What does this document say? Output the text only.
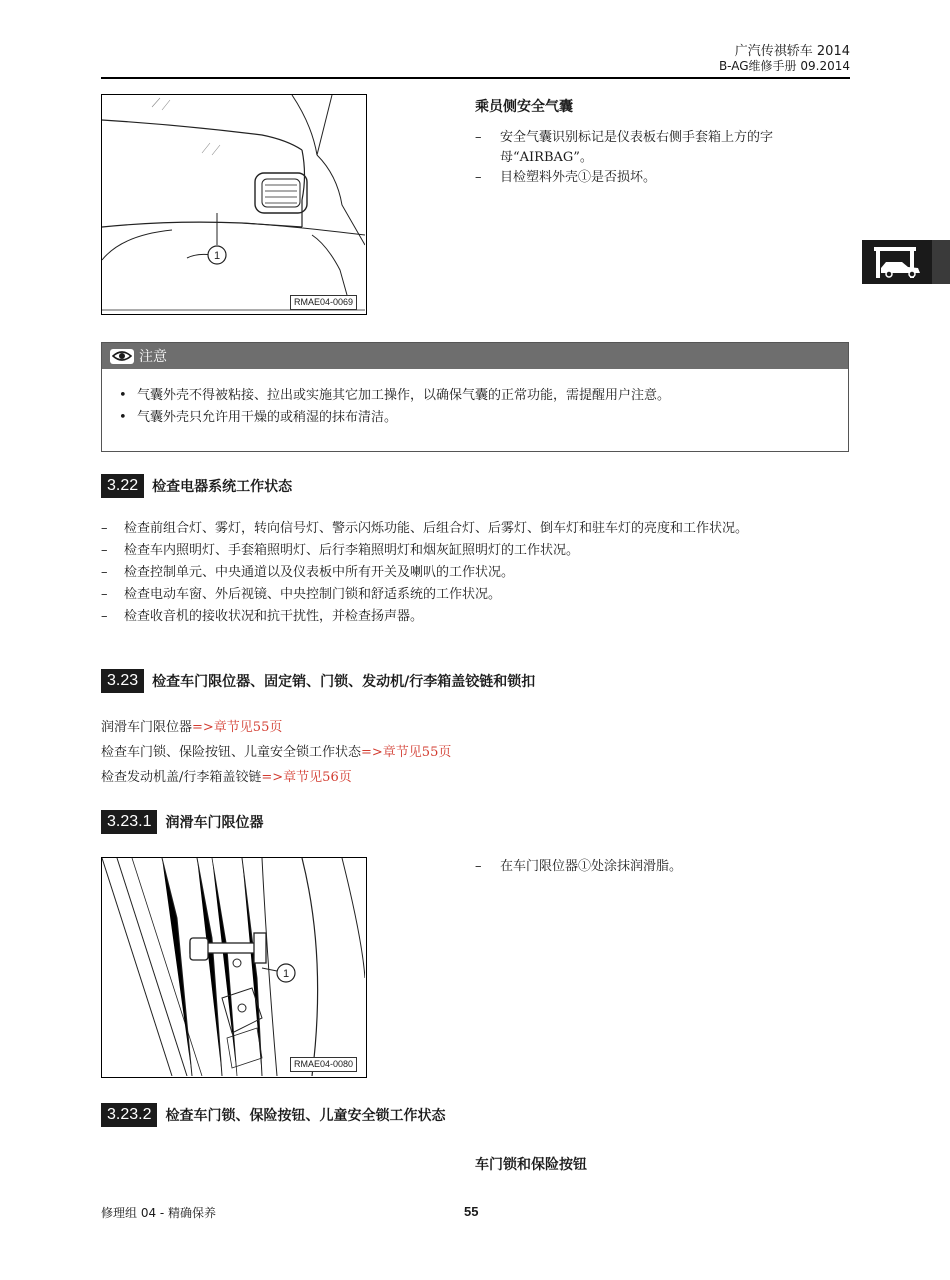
广汽传祺轿车 2014
B-AG维修手册 09.2014
1
RMAE04-0069
乘员侧安全气囊
– 安全气囊识别标记是仪表板右侧手套箱上方的字母“AIRBAG”。
– 目检塑料外壳①是否损坏。
注意
• 气囊外壳不得被粘接、拉出或实施其它加工操作，以确保气囊的正常功能，需提醒用户注意。
• 气囊外壳只允许用干燥的或稍湿的抹布清洁。
3.22	检查电器系统工作状态
– 检查前组合灯、雾灯，转向信号灯、警示闪烁功能、后组合灯、后雾灯、倒车灯和驻车灯的亮度和工作状况。
– 检查车内照明灯、手套箱照明灯、后行李箱照明灯和烟灰缸照明灯的工作状况。
– 检查控制单元、中央通道以及仪表板中所有开关及喇叭的工作状况。
– 检查电动车窗、外后视镜、中央控制门锁和舒适系统的工作状况。
– 检查收音机的接收状况和抗干扰性，并检查扬声器。
3.23	检查车门限位器、固定销、门锁、发动机/行李箱盖铰链和锁扣
润滑车门限位器=>章节见55页
检查车门锁、保险按钮、儿童安全锁工作状态=>章节见55页
检查发动机盖/行李箱盖铰链=>章节见56页
3.23.1	润滑车门限位器
1
RMAE04-0080
– 在车门限位器①处涂抹润滑脂。
3.23.2	检查车门锁、保险按钮、儿童安全锁工作状态
车门锁和保险按钮
修理组 04 - 精确保养	55
